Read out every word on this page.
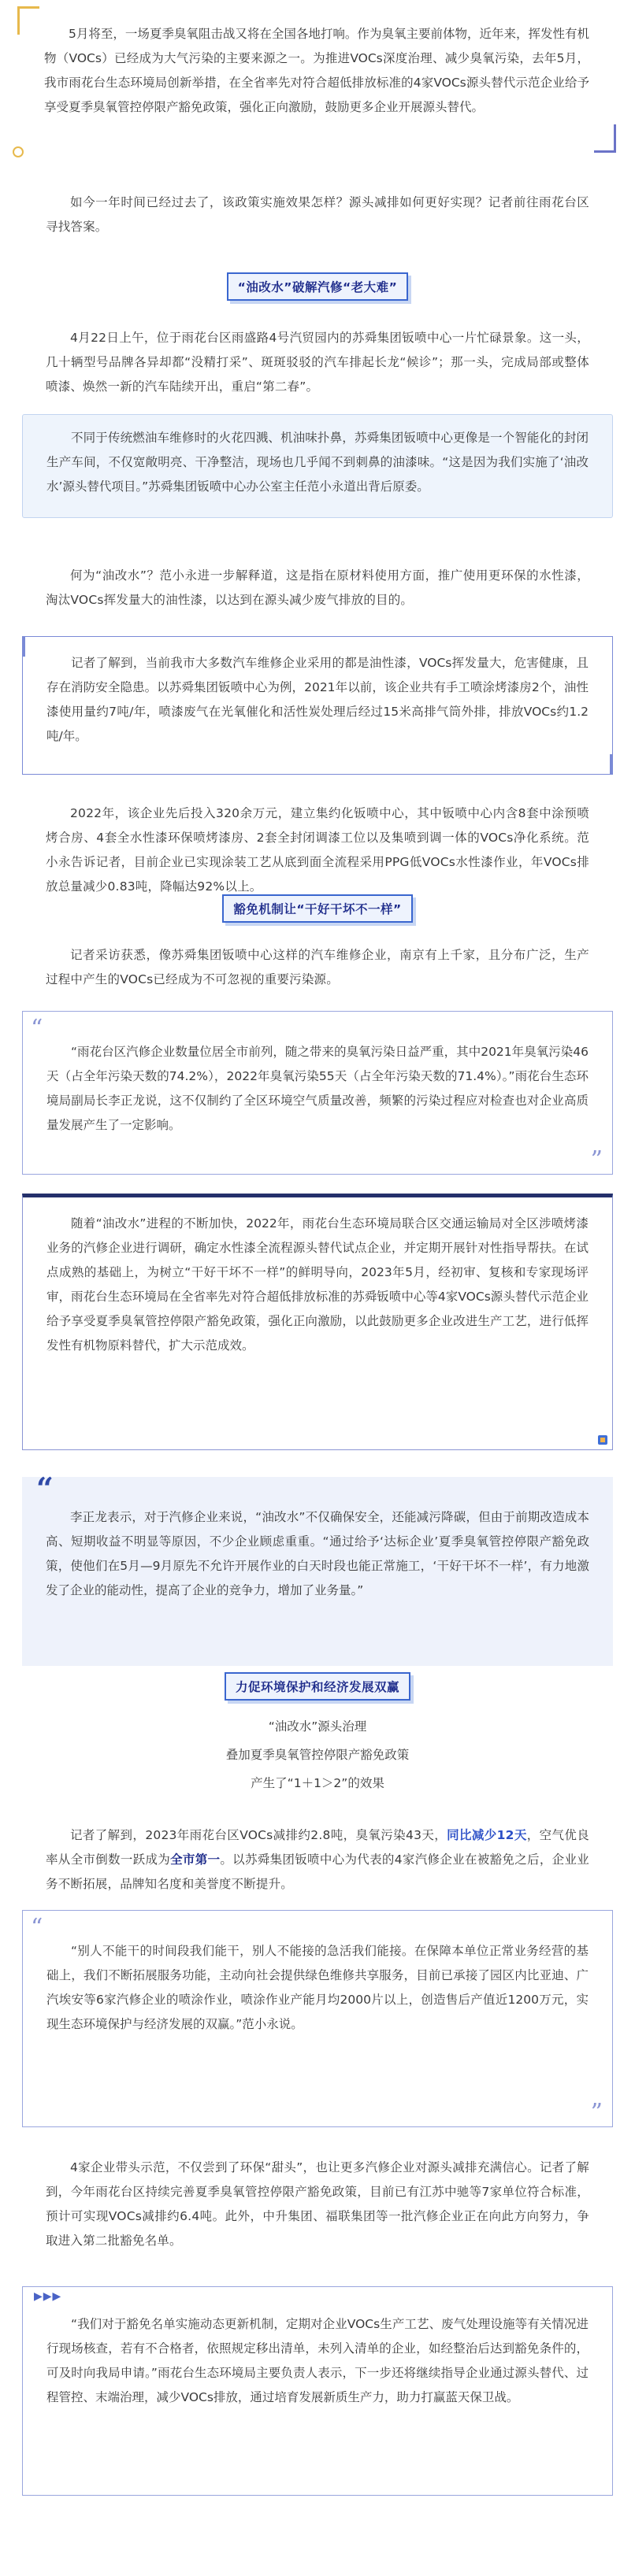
5月将至，一场夏季臭氧阻击战又将在全国各地打响。作为臭氧主要前体物，近年来，挥发性有机物（VOCs）已经成为大气污染的主要来源之一。为推进VOCs深度治理、减少臭氧污染，去年5月，我市雨花台生态环境局创新举措，在全省率先对符合超低排放标准的4家VOCs源头替代示范企业给予享受夏季臭氧管控停限产豁免政策，强化正向激励，鼓励更多企业开展源头替代。

如今一年时间已经过去了，该政策实施效果怎样？源头减排如何更好实现？记者前往雨花台区寻找答案。

“油改水”破解汽修“老大难”

4月22日上午，位于雨花台区雨盛路4号汽贸园内的苏舜集团钣喷中心一片忙碌景象。这一头，几十辆型号品牌各异却都“没精打采”、斑斑驳驳的汽车排起长龙“候诊”；那一头，完成局部或整体喷漆、焕然一新的汽车陆续开出，重启“第二春”。

不同于传统燃油车维修时的火花四溅、机油味扑鼻，苏舜集团钣喷中心更像是一个智能化的封闭生产车间，不仅宽敞明亮、干净整洁，现场也几乎闻不到刺鼻的油漆味。“这是因为我们实施了‘油改水’源头替代项目。”苏舜集团钣喷中心办公室主任范小永道出背后原委。

何为“油改水”？范小永进一步解释道，这是指在原材料使用方面，推广使用更环保的水性漆，淘汰VOCs挥发量大的油性漆，以达到在源头减少废气排放的目的。

记者了解到，当前我市大多数汽车维修企业采用的都是油性漆，VOCs挥发量大，危害健康，且存在消防安全隐患。以苏舜集团钣喷中心为例，2021年以前，该企业共有手工喷涂烤漆房2个，油性漆使用量约7吨/年，喷漆废气在光氧催化和活性炭处理后经过15米高排气筒外排，排放VOCs约1.2吨/年。

2022年，该企业先后投入320余万元，建立集约化钣喷中心，其中钣喷中心内含8套中涂预喷烤合房、4套全水性漆环保喷烤漆房、2套全封闭调漆工位以及集喷到调一体的VOCs净化系统。范小永告诉记者，目前企业已实现涂装工艺从底到面全流程采用PPG低VOCs水性漆作业，年VOCs排放总量减少0.83吨，降幅达92%以上。

豁免机制让“干好干坏不一样”

记者采访获悉，像苏舜集团钣喷中心这样的汽车维修企业，南京有上千家，且分布广泛，生产过程中产生的VOCs已经成为不可忽视的重要污染源。

“
”

“雨花台区汽修企业数量位居全市前列，随之带来的臭氧污染日益严重，其中2021年臭氧污染46天（占全年污染天数的74.2%），2022年臭氧污染55天（占全年污染天数的71.4%）。”雨花台生态环境局副局长李正龙说，这不仅制约了全区环境空气质量改善，频繁的污染过程应对检查也对企业高质量发展产生了一定影响。

随着“油改水”进程的不断加快，2022年，雨花台生态环境局联合区交通运输局对全区涉喷烤漆业务的汽修企业进行调研，确定水性漆全流程源头替代试点企业，并定期开展针对性指导帮扶。在试点成熟的基础上，为树立“干好干坏不一样”的鲜明导向，2023年5月，经初审、复核和专家现场评审，雨花台生态环境局在全省率先对符合超低排放标准的苏舜钣喷中心等4家VOCs源头替代示范企业给予享受夏季臭氧管控停限产豁免政策，强化正向激励，以此鼓励更多企业改进生产工艺，进行低挥发性有机物原料替代，扩大示范成效。

“

李正龙表示，对于汽修企业来说，“油改水”不仅确保安全，还能减污降碳，但由于前期改造成本高、短期收益不明显等原因，不少企业顾虑重重。“通过给予‘达标企业’夏季臭氧管控停限产豁免政策，使他们在5月—9月原先不允许开展作业的白天时段也能正常施工，‘干好干坏不一样’，有力地激发了企业的能动性，提高了企业的竞争力，增加了业务量。”

力促环境保护和经济发展双赢

“油改水”源头治理

叠加夏季臭氧管控停限产豁免政策

产生了“1＋1＞2”的效果

记者了解到，2023年雨花台区VOCs减排约2.8吨，臭氧污染43天，同比减少12天，空气优良率从全市倒数一跃成为全市第一。以苏舜集团钣喷中心为代表的4家汽修企业在被豁免之后，企业业务不断拓展，品牌知名度和美誉度不断提升。

“
”

“别人不能干的时间段我们能干，别人不能接的急活我们能接。在保障本单位正常业务经营的基础上，我们不断拓展服务功能，主动向社会提供绿色维修共享服务，目前已承接了园区内比亚迪、广汽埃安等6家汽修企业的喷涂作业，喷涂作业产能月均2000片以上，创造售后产值近1200万元，实现生态环境保护与经济发展的双赢。”范小永说。

4家企业带头示范，不仅尝到了环保“甜头”，也让更多汽修企业对源头减排充满信心。记者了解到，今年雨花台区持续完善夏季臭氧管控停限产豁免政策，目前已有江苏中驰等7家单位符合标准，预计可实现VOCs减排约6.4吨。此外，中升集团、福联集团等一批汽修企业正在向此方向努力，争取进入第二批豁免名单。

▶▶▶

“我们对于豁免名单实施动态更新机制，定期对企业VOCs生产工艺、废气处理设施等有关情况进行现场核查，若有不合格者，依照规定移出清单，未列入清单的企业，如经整治后达到豁免条件的，可及时向我局申请。”雨花台生态环境局主要负责人表示，下一步还将继续指导企业通过源头替代、过程管控、末端治理，减少VOCs排放，通过培育发展新质生产力，助力打赢蓝天保卫战。
